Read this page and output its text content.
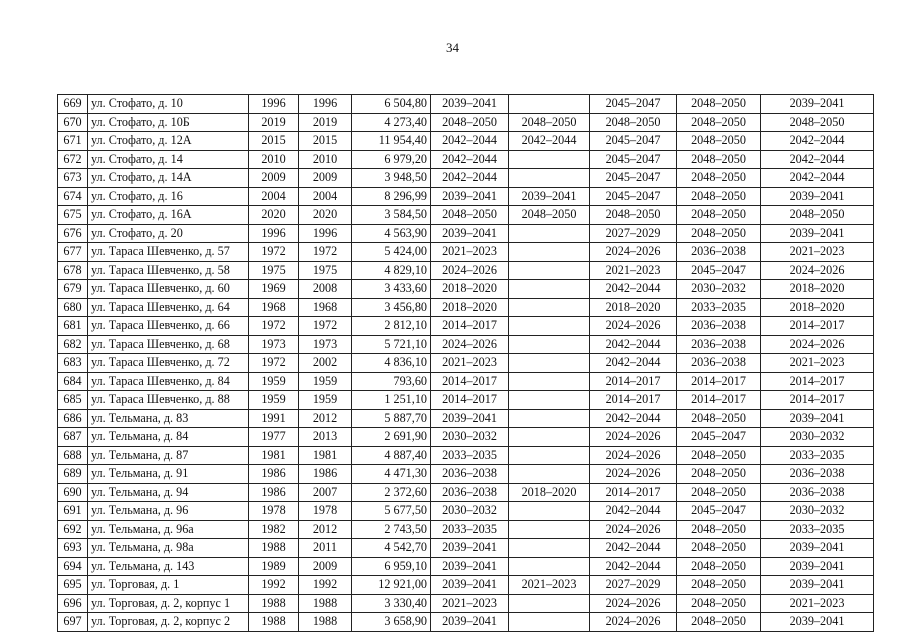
34
669	ул. Стофато, д. 10	1996	1996	6 504,80	2039–2041		2045–2047	2048–2050	2039–2041
670	ул. Стофато, д. 10Б	2019	2019	4 273,40	2048–2050	2048–2050	2048–2050	2048–2050	2048–2050
671	ул. Стофато, д. 12А	2015	2015	11 954,40	2042–2044	2042–2044	2045–2047	2048–2050	2042–2044
672	ул. Стофато, д. 14	2010	2010	6 979,20	2042–2044		2045–2047	2048–2050	2042–2044
673	ул. Стофато, д. 14А	2009	2009	3 948,50	2042–2044		2045–2047	2048–2050	2042–2044
674	ул. Стофато, д. 16	2004	2004	8 296,99	2039–2041	2039–2041	2045–2047	2048–2050	2039–2041
675	ул. Стофато, д. 16А	2020	2020	3 584,50	2048–2050	2048–2050	2048–2050	2048–2050	2048–2050
676	ул. Стофато, д. 20	1996	1996	4 563,90	2039–2041		2027–2029	2048–2050	2039–2041
677	ул. Тараса Шевченко, д. 57	1972	1972	5 424,00	2021–2023		2024–2026	2036–2038	2021–2023
678	ул. Тараса Шевченко, д. 58	1975	1975	4 829,10	2024–2026		2021–2023	2045–2047	2024–2026
679	ул. Тараса Шевченко, д. 60	1969	2008	3 433,60	2018–2020		2042–2044	2030–2032	2018–2020
680	ул. Тараса Шевченко, д. 64	1968	1968	3 456,80	2018–2020		2018–2020	2033–2035	2018–2020
681	ул. Тараса Шевченко, д. 66	1972	1972	2 812,10	2014–2017		2024–2026	2036–2038	2014–2017
682	ул. Тараса Шевченко, д. 68	1973	1973	5 721,10	2024–2026		2042–2044	2036–2038	2024–2026
683	ул. Тараса Шевченко, д. 72	1972	2002	4 836,10	2021–2023		2042–2044	2036–2038	2021–2023
684	ул. Тараса Шевченко, д. 84	1959	1959	793,60	2014–2017		2014–2017	2014–2017	2014–2017
685	ул. Тараса Шевченко, д. 88	1959	1959	1 251,10	2014–2017		2014–2017	2014–2017	2014–2017
686	ул. Тельмана, д. 83	1991	2012	5 887,70	2039–2041		2042–2044	2048–2050	2039–2041
687	ул. Тельмана, д. 84	1977	2013	2 691,90	2030–2032		2024–2026	2045–2047	2030–2032
688	ул. Тельмана, д. 87	1981	1981	4 887,40	2033–2035		2024–2026	2048–2050	2033–2035
689	ул. Тельмана, д. 91	1986	1986	4 471,30	2036–2038		2024–2026	2048–2050	2036–2038
690	ул. Тельмана, д. 94	1986	2007	2 372,60	2036–2038	2018–2020	2014–2017	2048–2050	2036–2038
691	ул. Тельмана, д. 96	1978	1978	5 677,50	2030–2032		2042–2044	2045–2047	2030–2032
692	ул. Тельмана, д. 96а	1982	2012	2 743,50	2033–2035		2024–2026	2048–2050	2033–2035
693	ул. Тельмана, д. 98а	1988	2011	4 542,70	2039–2041		2042–2044	2048–2050	2039–2041
694	ул. Тельмана, д. 143	1989	2009	6 959,10	2039–2041		2042–2044	2048–2050	2039–2041
695	ул. Торговая, д. 1	1992	1992	12 921,00	2039–2041	2021–2023	2027–2029	2048–2050	2039–2041
696	ул. Торговая, д. 2, корпус 1	1988	1988	3 330,40	2021–2023		2024–2026	2048–2050	2021–2023
697	ул. Торговая, д. 2, корпус 2	1988	1988	3 658,90	2039–2041		2024–2026	2048–2050	2039–2041
